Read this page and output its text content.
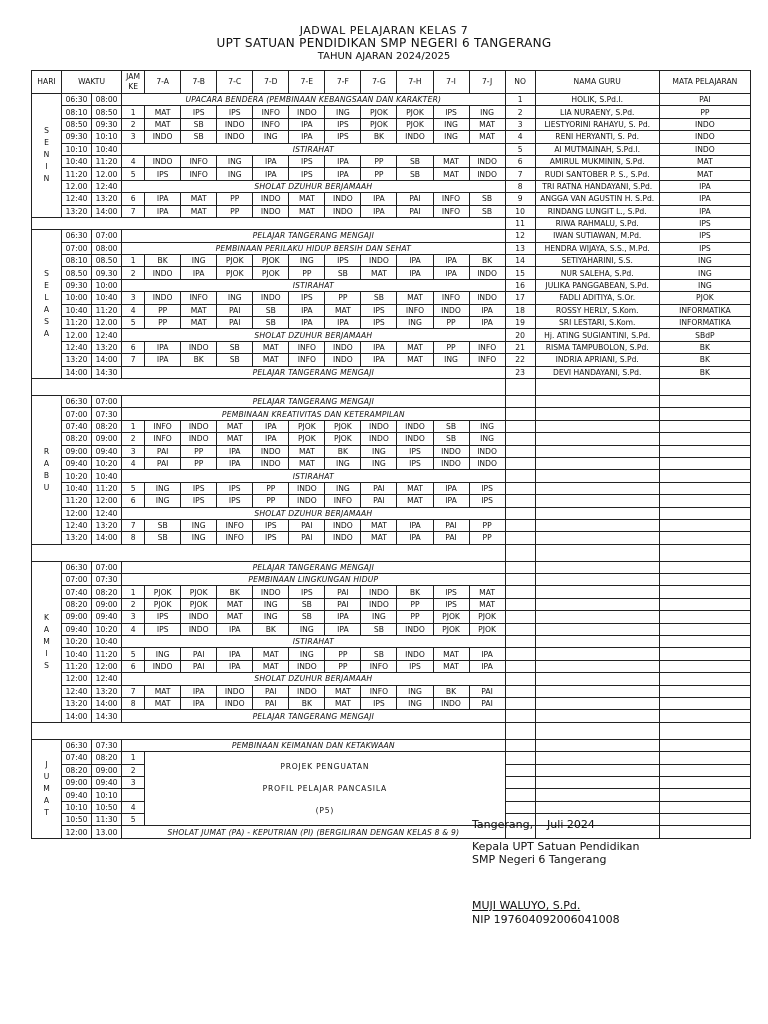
JADWAL PELAJARAN KELAS 7
UPT SATUAN PENDIDIKAN SMP NEGERI 6 TANGERANG
TAHUN AJARAN 2024/2025
HARI	WAKTU		JAM KE	7-A	7-B	7-C	7-D	7-E	7-F	7-G	7-H	7-I	7-J	NO	NAMA GURU	MATA PELAJARAN
SENIN	06:30	08:00	UPACARA BENDERA (PEMBINAAN KEBANGSAAN DAN KARAKTER)											1	HOLIK, S.Pd.I.	PAI
	08:10	08:50	1	MAT	IPS	IPS	INFO	INDO	ING	PJOK	PJOK	IPS	ING	2	LIA NURAENY, S.Pd.	PP
	08:50	09:30	2	MAT	SB	INDO	INFO	IPA	IPS	PJOK	PJOK	ING	MAT	3	LIESTYORINI RAHAYU, S. Pd.	INDO
	09:30	10:10	3	INDO	SB	INDO	ING	IPA	IPS	BK	INDO	ING	MAT	4	RENI HERYANTI, S. Pd.	INDO
	10:10	10:40	ISTIRAHAT											5	AI MUTMAINAH, S.Pd.I.	INDO
	10:40	11:20	4	INDO	INFO	ING	IPA	IPS	IPA	PP	SB	MAT	INDO	6	AMIRUL MUKMININ, S.Pd.	MAT
	11:20	12.00	5	IPS	INFO	ING	IPA	IPS	IPA	PP	SB	MAT	INDO	7	RUDI SANTOBER P. S., S.Pd.	MAT
	12.00	12:40	SHOLAT DZUHUR BERJAMAAH											8	TRI RATNA HANDAYANI, S.Pd.	IPA
	12:40	13:20	6	IPA	MAT	PP	INDO	MAT	INDO	IPA	PAI	INFO	SB	9	ANGGA VAN AGUSTIN H. S.Pd.	IPA
	13:20	14:00	7	IPA	MAT	PP	INDO	MAT	INDO	IPA	PAI	INFO	SB	10	RINDANG LUNGIT L., S.Pd.	IPA
														11	RIWA RAHMALU, S.Pd.	IPS
SELASA	06:30	07:00	PELAJAR TANGERANG MENGAJI											12	IWAN SUTIAWAN, M.Pd.	IPS
	07:00	08:00	PEMBINAAN PERILAKU HIDUP BERSIH DAN SEHAT											13	HENDRA WIJAYA, S.S., M.Pd.	IPS
	08:10	08.50	1	BK	ING	PJOK	PJOK	ING	IPS	INDO	IPA	IPA	BK	14	SETIYAHARINI, S.S.	ING
	08.50	09.30	2	INDO	IPA	PJOK	PJOK	PP	SB	MAT	IPA	IPA	INDO	15	NUR SALEHA, S.Pd.	ING
	09:30	10:00	ISTIRAHAT											16	JULIKA PANGGABEAN, S.Pd.	ING
	10:00	10:40	3	INDO	INFO	ING	INDO	IPS	PP	SB	MAT	INFO	INDO	17	FADLI ADITIYA, S.Or.	PJOK
	10:40	11:20	4	PP	MAT	PAI	SB	IPA	MAT	IPS	INFO	INDO	IPA	18	ROSSY HERLY, S.Kom.	INFORMATIKA
	11:20	12.00	5	PP	MAT	PAI	SB	IPA	IPA	IPS	ING	PP	IPA	19	SRI LESTARI, S.Kom.	INFORMATIKA
	12.00	12:40	SHOLAT DZUHUR BERJAMAAH											20	Hj. ATING SUGIANTINI, S.Pd.	SBdP
	12:40	13:20	6	IPA	INDO	SB	MAT	INFO	INDO	IPA	MAT	PP	INFO	21	RISMA TAMPUBOLON, S.Pd.	BK
	13:20	14:00	7	IPA	BK	SB	MAT	INFO	INDO	IPA	MAT	ING	INFO	22	INDRIA APRIANI, S.Pd.	BK
	14:00	14:30	PELAJAR TANGERANG MENGAJI											23	DEVI HANDAYANI, S.Pd.	BK

RABU	06:30	07:00	PELAJAR TANGERANG MENGAJI													
	07:00	07:30	PEMBINAAN KREATIVITAS DAN KETERAMPILAN													
	07:40	08:20	1	INFO	INDO	MAT	IPA	PJOK	PJOK	INDO	INDO	SB	ING			
	08:20	09:00	2	INFO	INDO	MAT	IPA	PJOK	PJOK	INDO	INDO	SB	ING			
	09:00	09:40	3	PAI	PP	IPA	INDO	MAT	BK	ING	IPS	INDO	INDO			
	09:40	10:20	4	PAI	PP	IPA	INDO	MAT	ING	ING	IPS	INDO	INDO			
	10:20	10:40	ISTIRAHAT													
	10:40	11:20	5	ING	IPS	IPS	PP	INDO	ING	PAI	MAT	IPA	IPS			
	11:20	12:00	6	ING	IPS	IPS	PP	INDO	INFO	PAI	MAT	IPA	IPS			
	12:00	12:40	SHOLAT DZUHUR BERJAMAAH													
	12:40	13:20	7	SB	ING	INFO	IPS	PAI	INDO	MAT	IPA	PAI	PP			
	13:20	14:00	8	SB	ING	INFO	IPS	PAI	INDO	MAT	IPA	PAI	PP			

KAMIS	06:30	07:00	PELAJAR TANGERANG MENGAJI													
	07:00	07:30	PEMBINAAN LINGKUNGAN HIDUP													
	07:40	08:20	1	PJOK	PJOK	BK	INDO	IPS	PAI	INDO	BK	IPS	MAT			
	08:20	09:00	2	PJOK	PJOK	MAT	ING	SB	PAI	INDO	PP	IPS	MAT			
	09:00	09:40	3	IPS	INDO	MAT	ING	SB	IPA	ING	PP	PJOK	PJOK			
	09:40	10:20	4	IPS	INDO	IPA	BK	ING	IPA	SB	INDO	PJOK	PJOK			
	10:20	10:40	ISTIRAHAT													
	10:40	11:20	5	ING	PAI	IPA	MAT	ING	PP	SB	INDO	MAT	IPA			
	11:20	12:00	6	INDO	PAI	IPA	MAT	INDO	PP	INFO	IPS	MAT	IPA			
	12:00	12:40	SHOLAT DZUHUR BERJAMAAH													
	12:40	13:20	7	MAT	IPA	INDO	PAI	INDO	MAT	INFO	ING	BK	PAI			
	13:20	14:00	8	MAT	IPA	INDO	PAI	BK	MAT	IPS	ING	INDO	PAI			
	14:00	14:30	PELAJAR TANGERANG MENGAJI													

JUMAT	06:30	07:30	PEMBINAAN KEIMANAN DAN KETAKWAAN													
	07:40	08:20	1	PROJEK PENGUATAN
PROFIL PELAJAR PANCASILA
(P5)												

	08:20	09:00	2													
	09:00	09:40	3													
	09:40	10:10														
	10:10	10:50	4													
	10:50	11:30	5													
	12:00	13.00	SHOLAT JUMAT (PA) - KEPUTRIAN (PI) (BERGILIRAN DENGAN KELAS 8 & 9)													
Tangerang,    Juli 2024
Kepala UPT Satuan Pendidikan
SMP Negeri 6 Tangerang
MUJI WALUYO, S.Pd.
NIP 197604092006041008
